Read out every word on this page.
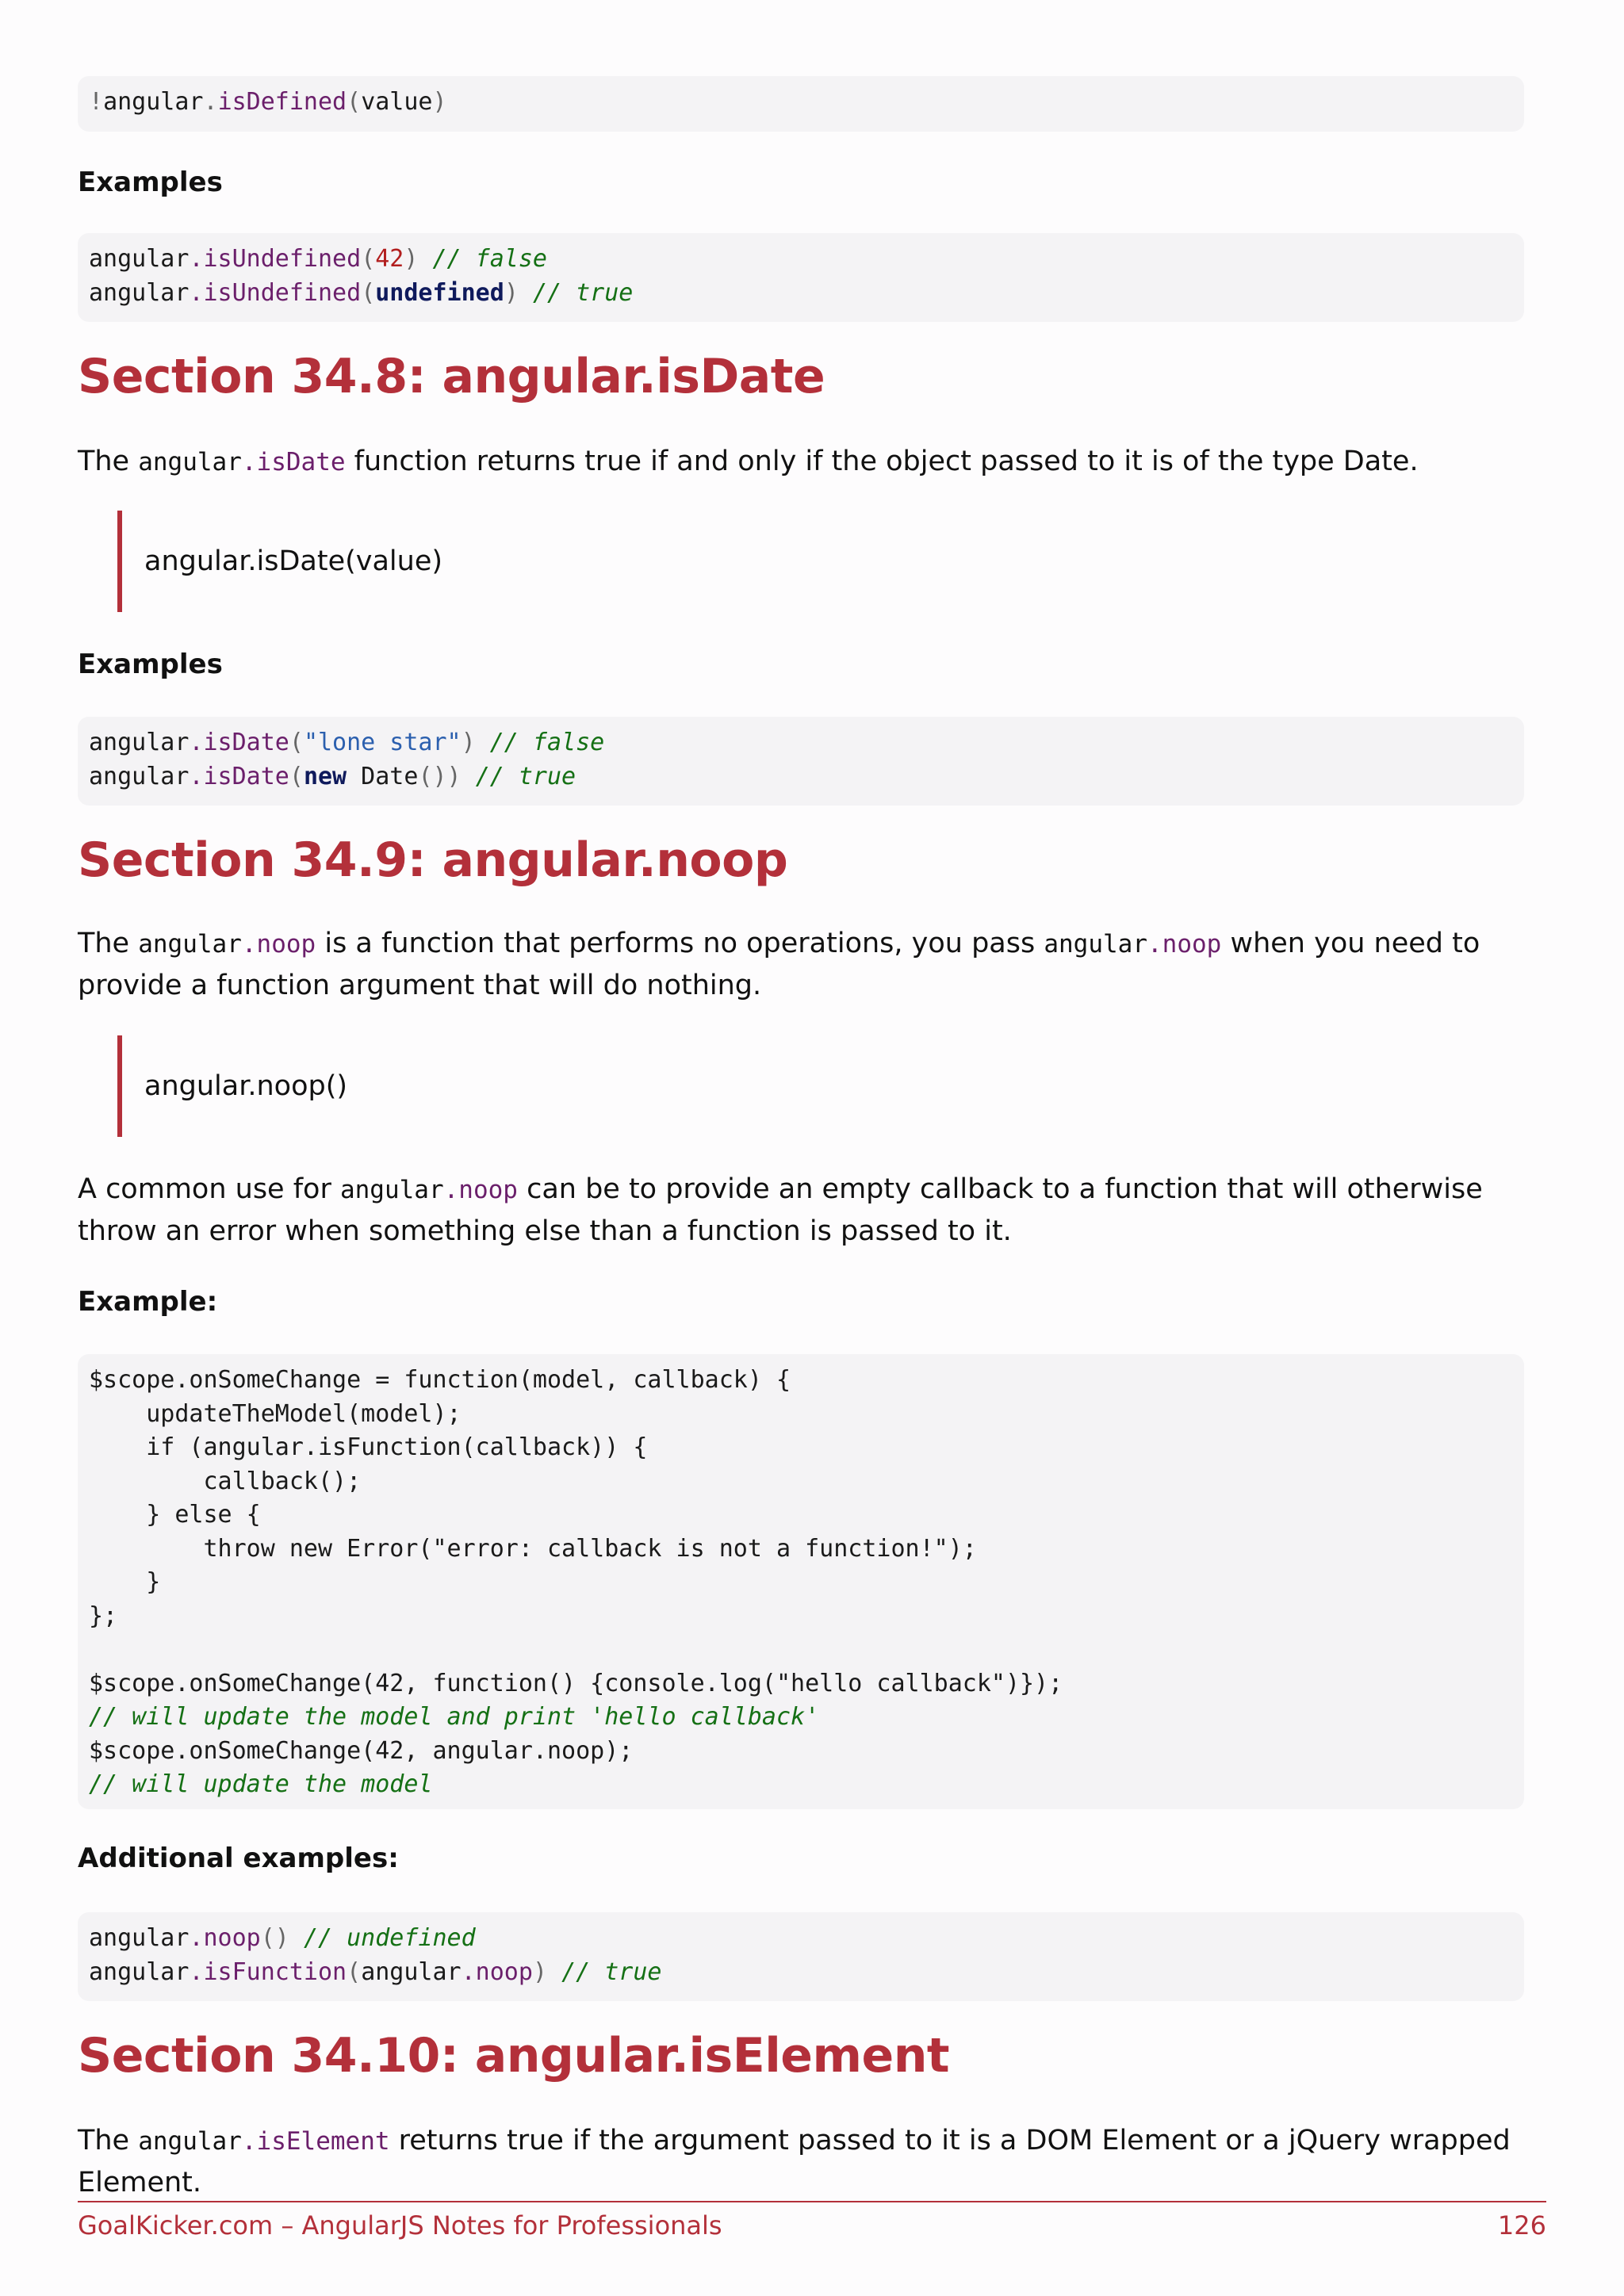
!angular.isDefined(value)
Examples
angular.isUndefined(42) // false
angular.isUndefined(undefined) // true
Section 34.8: angular.isDate
The angular.isDate function returns true if and only if the object passed to it is of the type Date.
angular.isDate(value)
Examples
angular.isDate("lone star") // false
angular.isDate(new Date()) // true
Section 34.9: angular.noop
The angular.noop is a function that performs no operations, you pass angular.noop when you need to provide a function argument that will do nothing.
angular.noop()
A common use for angular.noop can be to provide an empty callback to a function that will otherwise throw an error when something else than a function is passed to it.
Example:
$scope.onSomeChange = function(model, callback) {
updateTheModel(model);
if (angular.isFunction(callback)) {
callback();
} else {
throw new Error("error: callback is not a function!");
}
};

$scope.onSomeChange(42, function() {console.log("hello callback")});
// will update the model and print 'hello callback'
$scope.onSomeChange(42, angular.noop);
// will update the model
Additional examples:
angular.noop() // undefined
angular.isFunction(angular.noop) // true
Section 34.10: angular.isElement
The angular.isElement returns true if the argument passed to it is a DOM Element or a jQuery wrapped Element.
GoalKicker.com – AngularJS Notes for Professionals	126
